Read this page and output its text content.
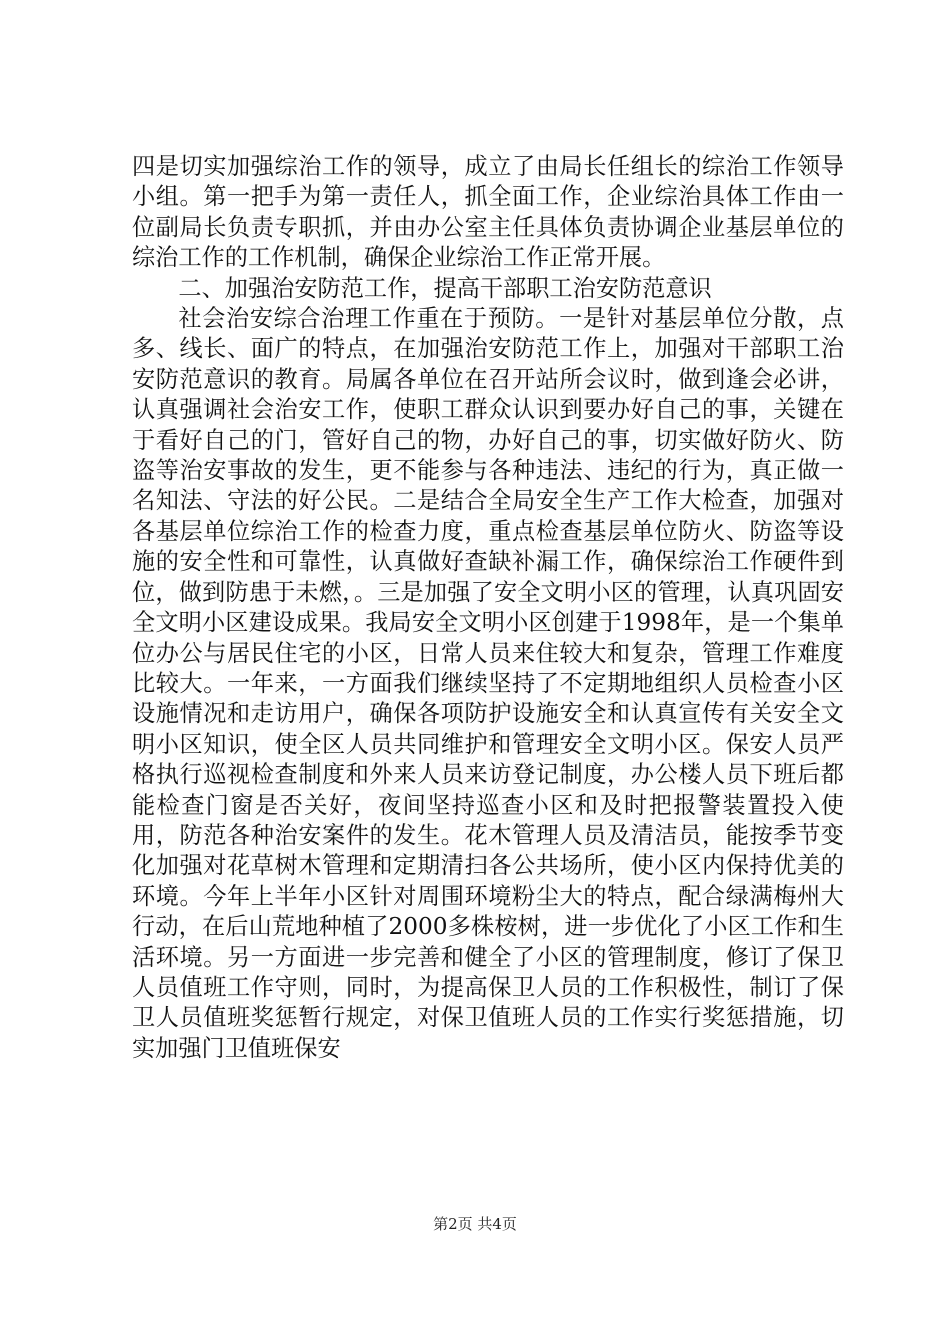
四是切实加强综治工作的领导，成立了由局长任组长的综治工作领导小组。第一把手为第一责任人，抓全面工作，企业综治具体工作由一位副局长负责专职抓，并由办公室主任具体负责协调企业基层单位的综治工作的工作机制，确保企业综治工作正常开展。

二、加强治安防范工作，提高干部职工治安防范意识

社会治安综合治理工作重在于预防。一是针对基层单位分散，点多、线长、面广的特点，在加强治安防范工作上，加强对干部职工治安防范意识的教育。局属各单位在召开站所会议时，做到逢会必讲，认真强调社会治安工作，使职工群众认识到要办好自己的事，关键在于看好自己的门，管好自己的物，办好自己的事，切实做好防火、防盗等治安事故的发生，更不能参与各种违法、违纪的行为，真正做一名知法、守法的好公民。二是结合全局安全生产工作大检查，加强对各基层单位综治工作的检查力度，重点检查基层单位防火、防盗等设施的安全性和可靠性，认真做好查缺补漏工作，确保综治工作硬件到位，做到防患于未燃，。三是加强了安全文明小区的管理，认真巩固安全文明小区建设成果。我局安全文明小区创建于1998年，是一个集单位办公与居民住宅的小区，日常人员来住较大和复杂，管理工作难度比较大。一年来，一方面我们继续坚持了不定期地组织人员检查小区设施情况和走访用户，确保各项防护设施安全和认真宣传有关安全文明小区知识，使全区人员共同维护和管理安全文明小区。保安人员严格执行巡视检查制度和外来人员来访登记制度，办公楼人员下班后都能检查门窗是否关好，夜间坚持巡查小区和及时把报警装置投入使用，防范各种治安案件的发生。花木管理人员及清洁员，能按季节变化加强对花草树木管理和定期清扫各公共场所，使小区内保持优美的环境。今年上半年小区针对周围环境粉尘大的特点，配合绿满梅州大行动，在后山荒地种植了2000多株桉树，进一步优化了小区工作和生活环境。另一方面进一步完善和健全了小区的管理制度，修订了保卫人员值班工作守则，同时，为提高保卫人员的工作积极性，制订了保卫人员值班奖惩暂行规定，对保卫值班人员的工作实行奖惩措施，切实加强门卫值班保安

第2页 共4页
